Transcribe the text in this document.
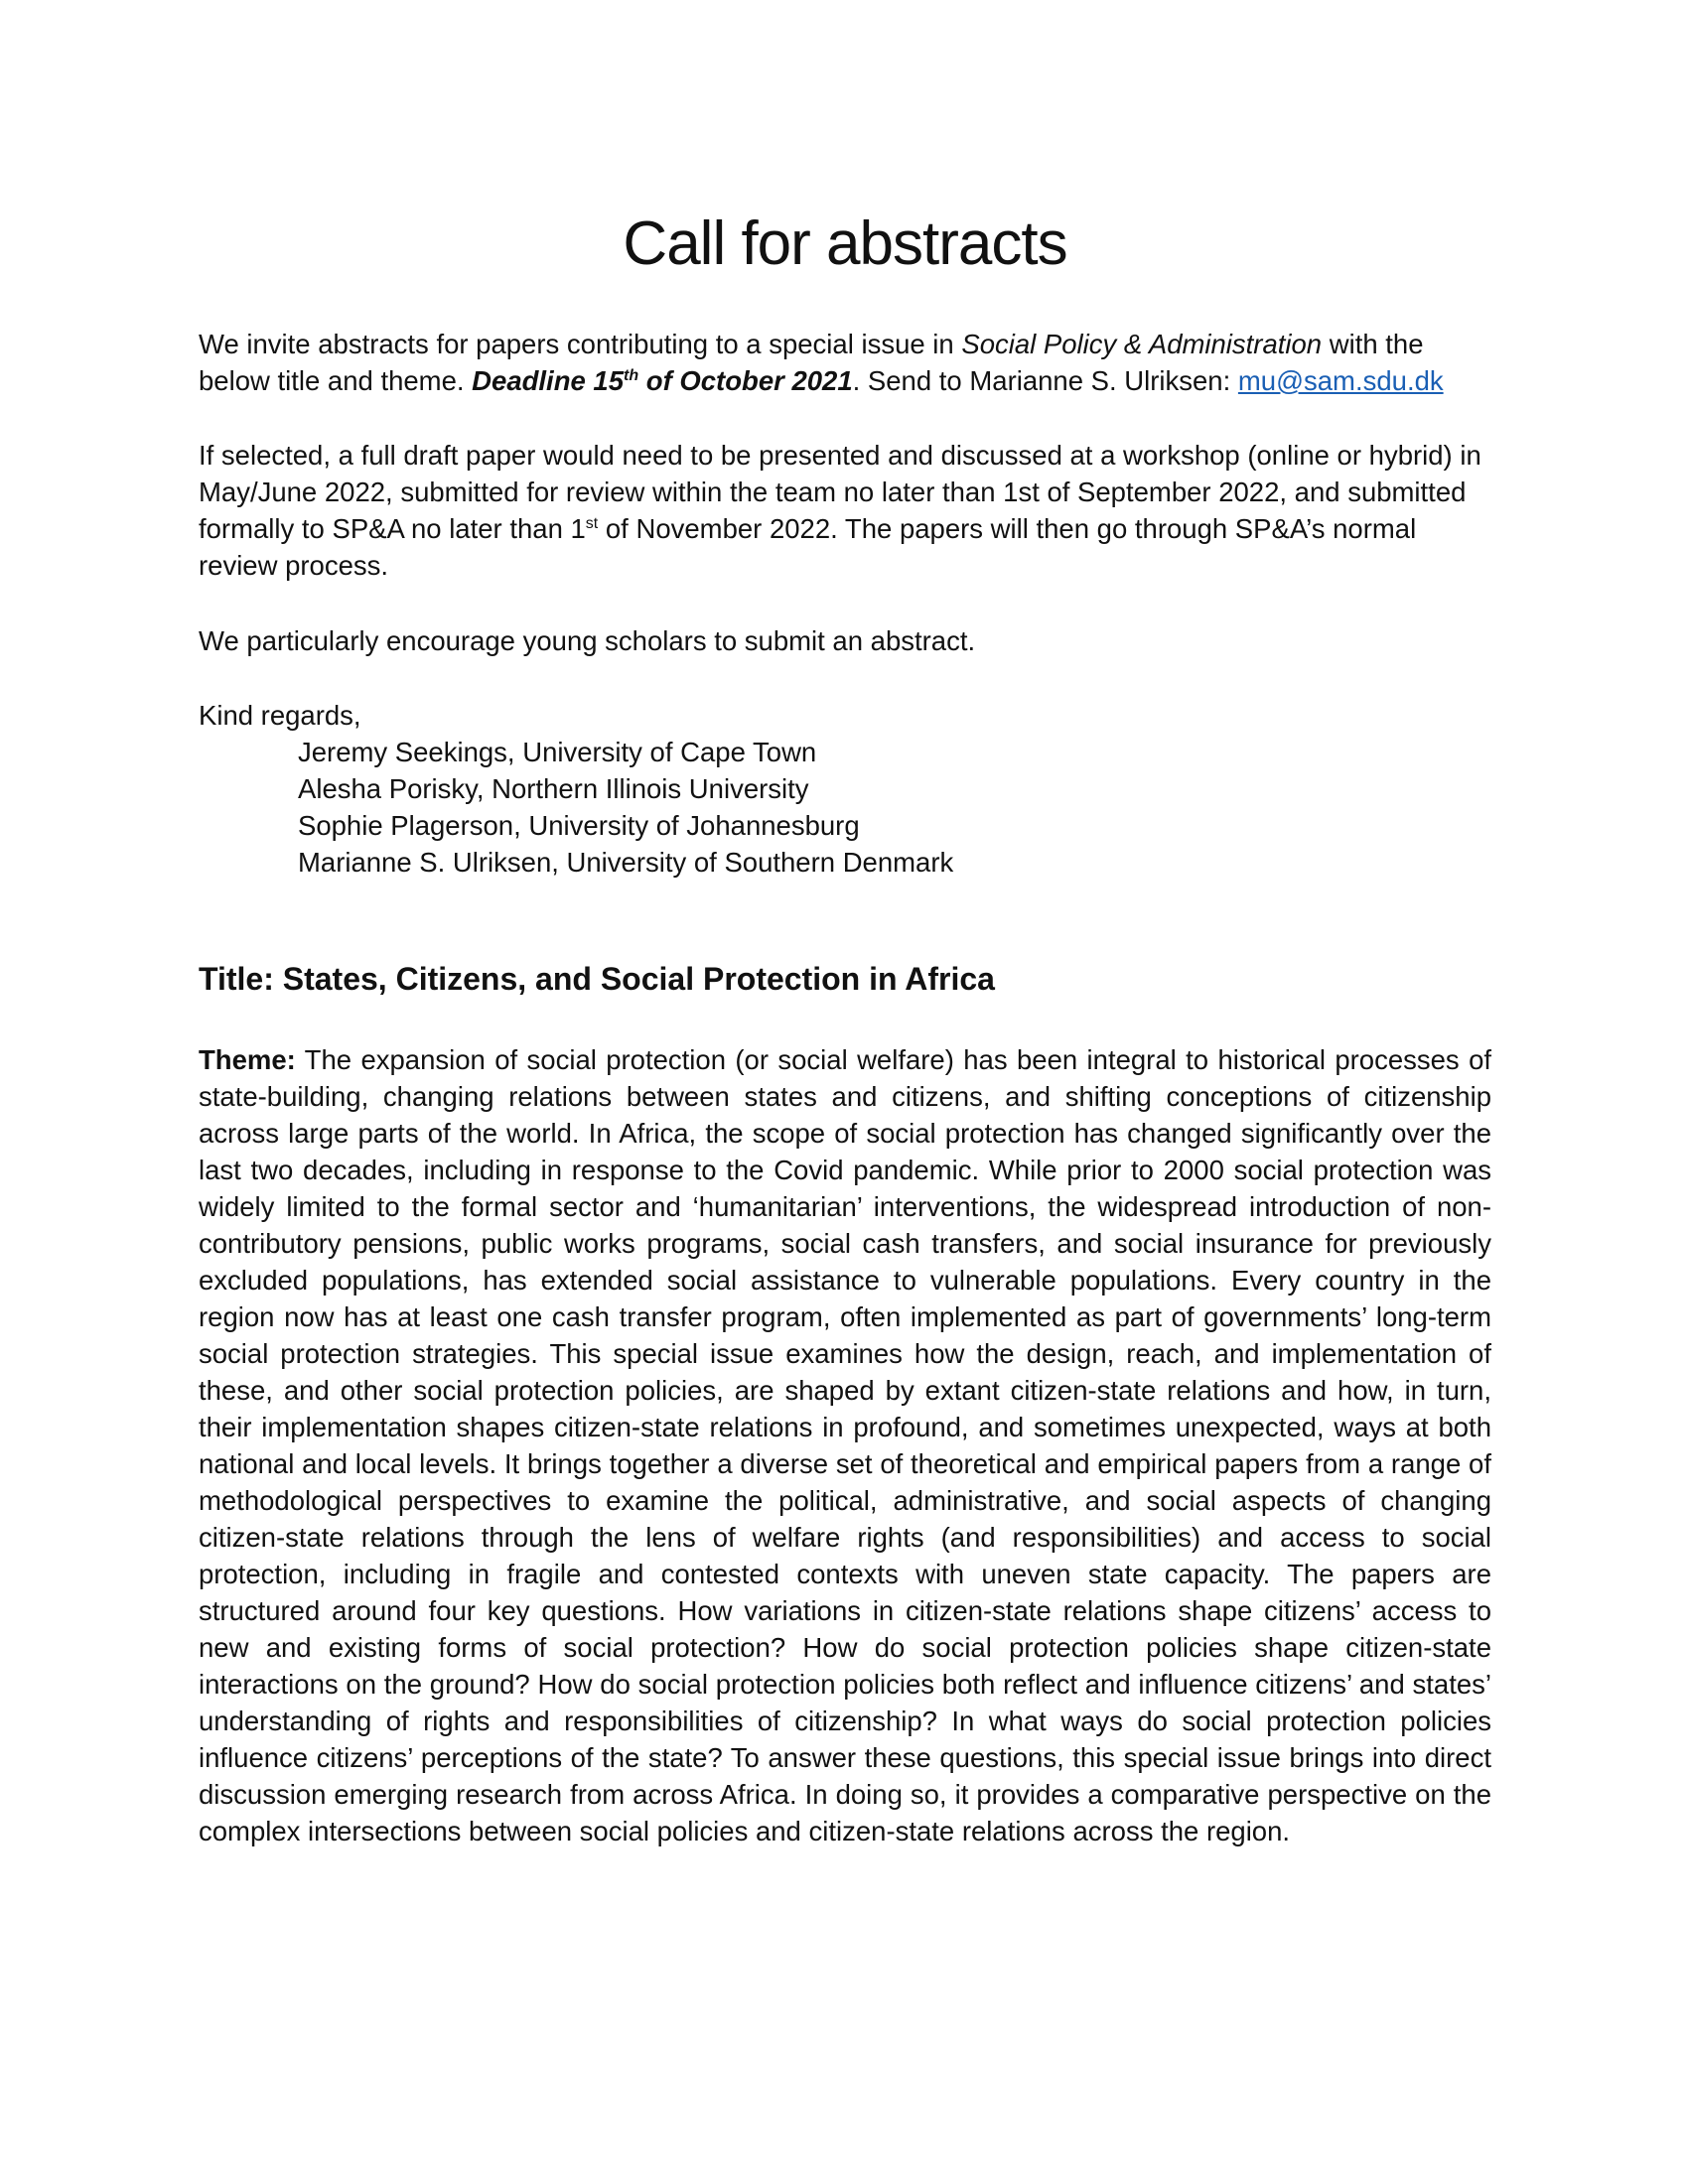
Call for abstracts

We invite abstracts for papers contributing to a special issue in Social Policy & Administration with the below title and theme. Deadline 15th of October 2021. Send to Marianne S. Ulriksen: mu@sam.sdu.dk

If selected, a full draft paper would need to be presented and discussed at a workshop (online or hybrid) in May/June 2022, submitted for review within the team no later than 1st of September 2022, and submitted formally to SP&A no later than 1st of November 2022. The papers will then go through SP&A’s normal review process.

We particularly encourage young scholars to submit an abstract.

Kind regards,

Jeremy Seekings, University of Cape Town
Alesha Porisky, Northern Illinois University
Sophie Plagerson, University of Johannesburg
Marianne S. Ulriksen, University of Southern Denmark
Title: States, Citizens, and Social Protection in Africa

Theme: The expansion of social protection (or social welfare) has been integral to historical processes of state-building, changing relations between states and citizens, and shifting conceptions of citizenship across large parts of the world. In Africa, the scope of social protection has changed significantly over the last two decades, including in response to the Covid pandemic. While prior to 2000 social protection was widely limited to the formal sector and ‘humanitarian’ interventions, the widespread introduction of non-contributory pensions, public works programs, social cash transfers, and social insurance for previously excluded populations, has extended social assistance to vulnerable populations. Every country in the region now has at least one cash transfer program, often implemented as part of governments’ long-term social protection strategies. This special issue examines how the design, reach, and implementation of these, and other social protection policies, are shaped by extant citizen-state relations and how, in turn, their implementation shapes citizen-state relations in profound, and sometimes unexpected, ways at both national and local levels. It brings together a diverse set of theoretical and empirical papers from a range of methodological perspectives to examine the political, administrative, and social aspects of changing citizen-state relations through the lens of welfare rights (and responsibilities) and access to social protection, including in fragile and contested contexts with uneven state capacity. The papers are structured around four key questions. How variations in citizen-state relations shape citizens’ access to new and existing forms of social protection? How do social protection policies shape citizen-state interactions on the ground? How do social protection policies both reflect and influence citizens’ and states’ understanding of rights and responsibilities of citizenship? In what ways do social protection policies influence citizens’ perceptions of the state? To answer these questions, this special issue brings into direct discussion emerging research from across Africa. In doing so, it provides a comparative perspective on the complex intersections between social policies and citizen-state relations across the region.
